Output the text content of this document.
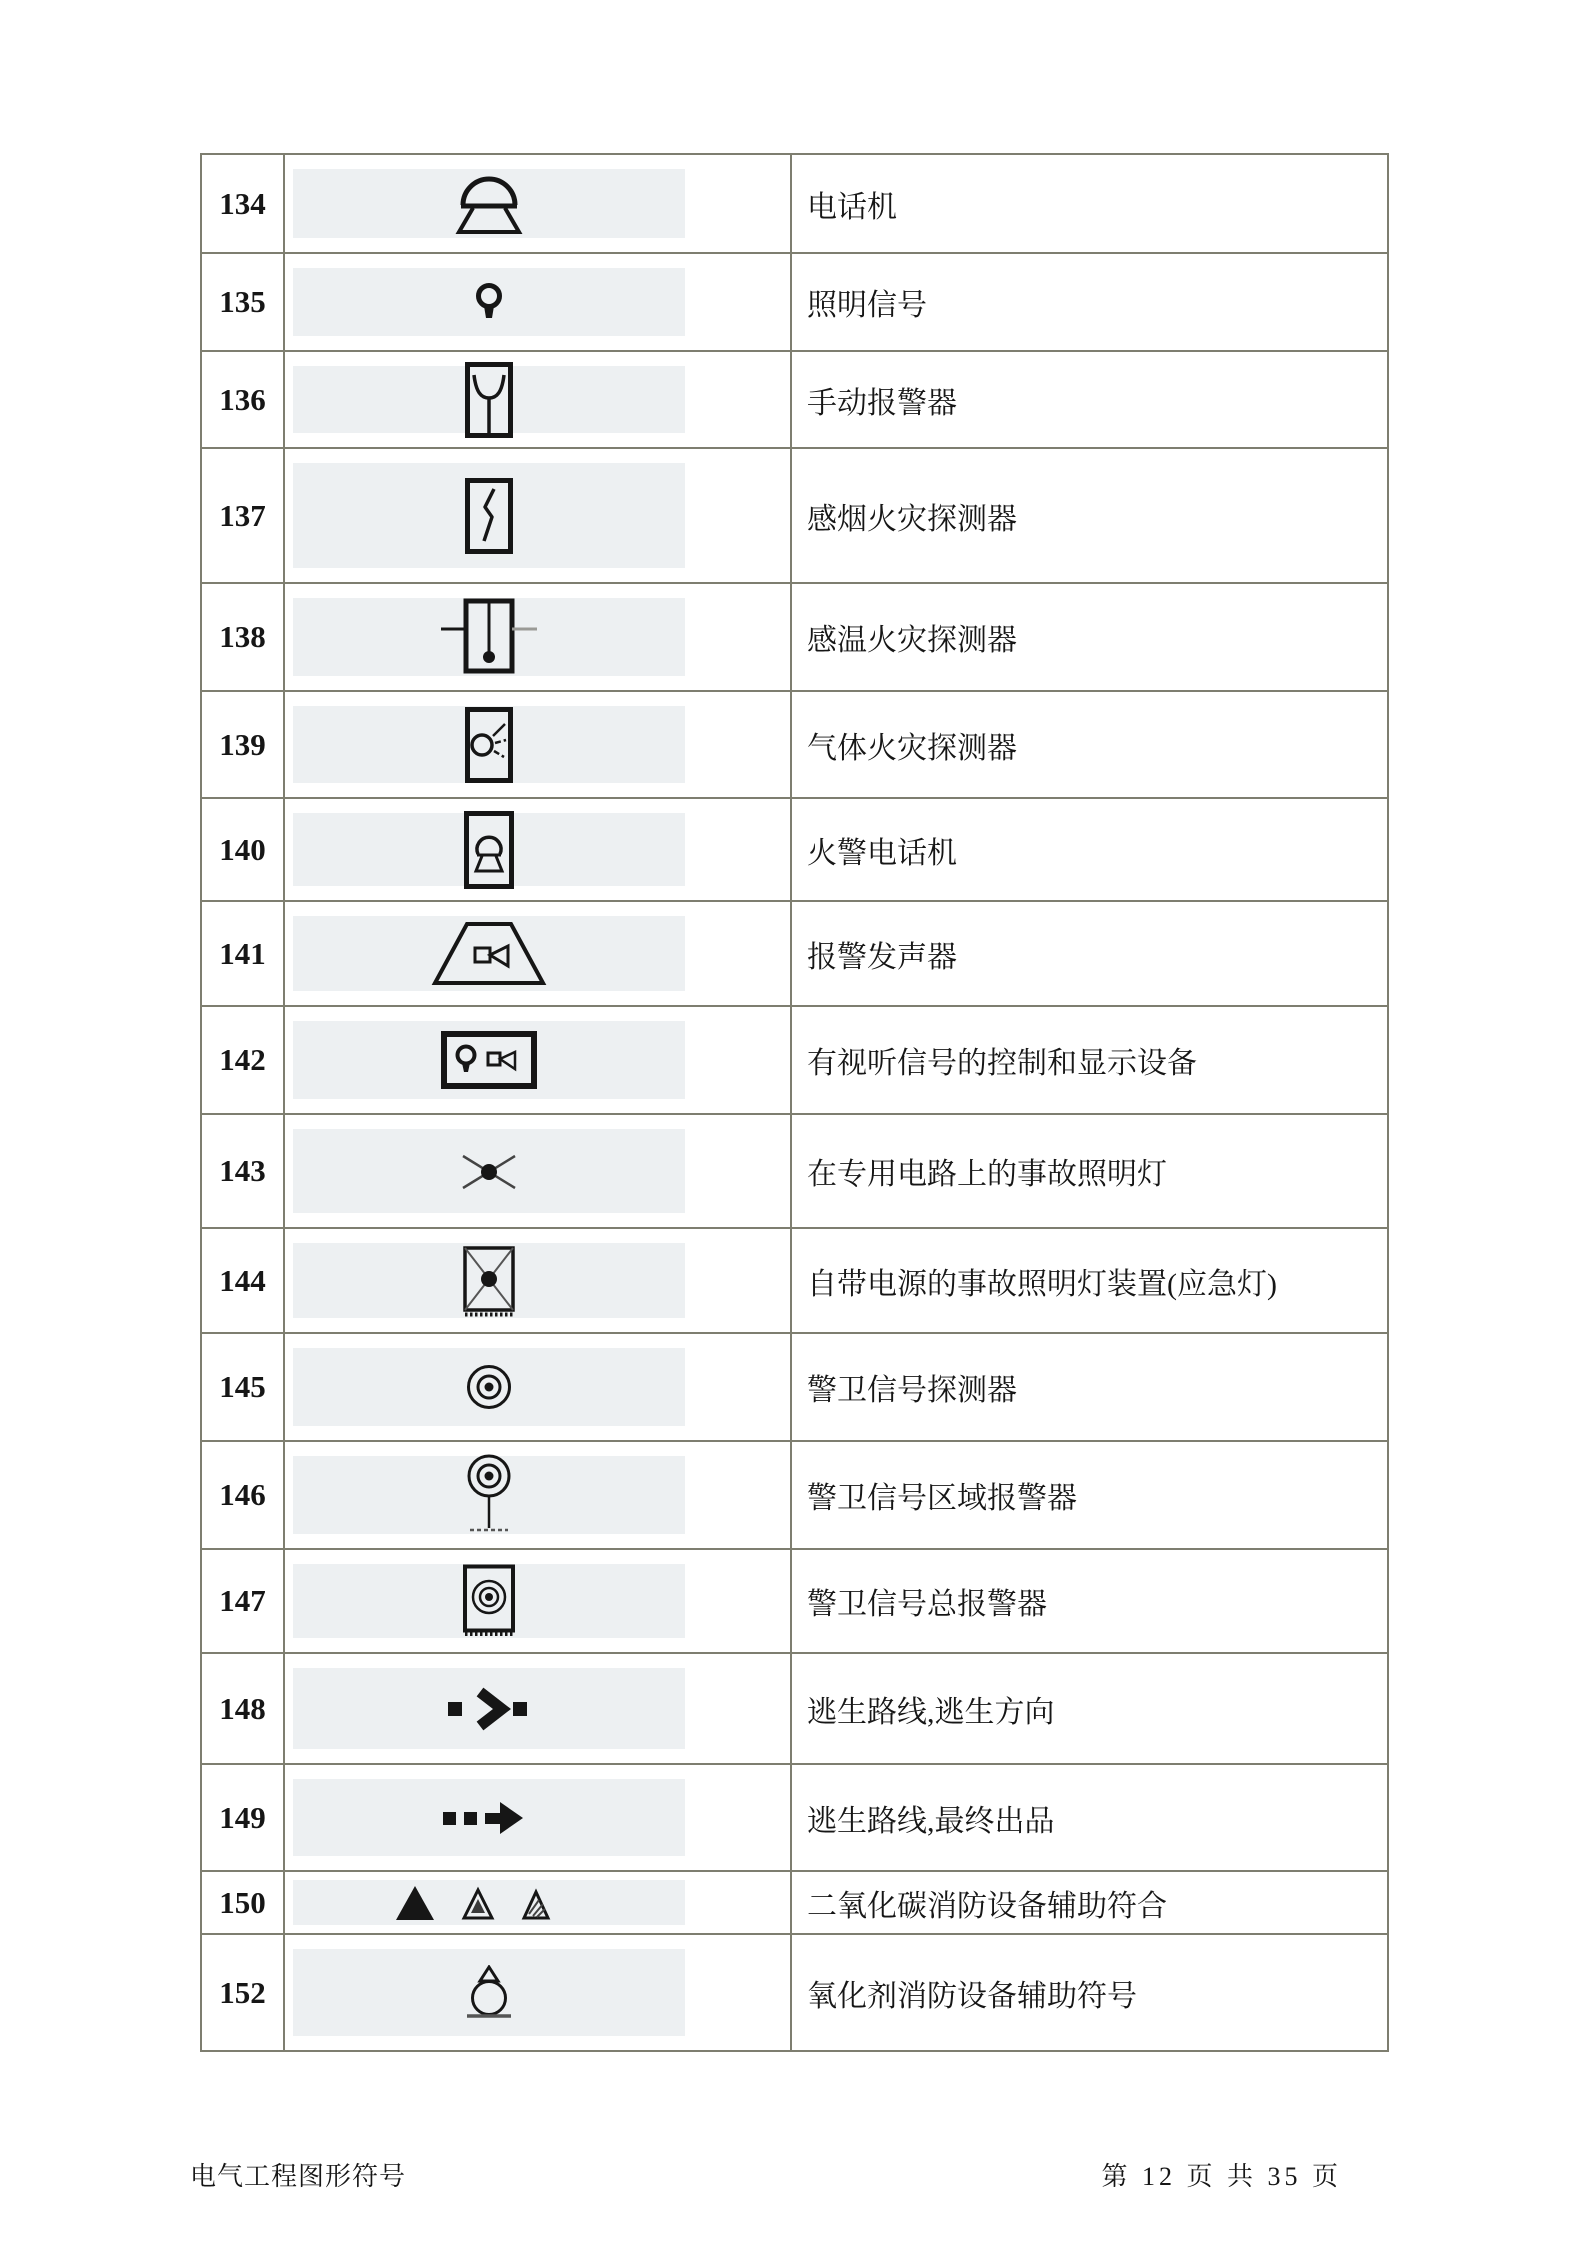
134	电话机
135	照明信号
136	手动报警器
137	感烟火灾探测器
138	感温火灾探测器
139	气体火灾探测器
140	火警电话机
141	报警发声器
142	有视听信号的控制和显示设备
143	在专用电路上的事故照明灯
144	自带电源的事故照明灯装置(应急灯)
145	警卫信号探测器
146	警卫信号区域报警器
147	警卫信号总报警器
148	逃生路线,逃生方向
149	逃生路线,最终出品
150	二氧化碳消防设备辅助符合
152	氧化剂消防设备辅助符号
电气工程图形符号	第 12 页 共 35 页
